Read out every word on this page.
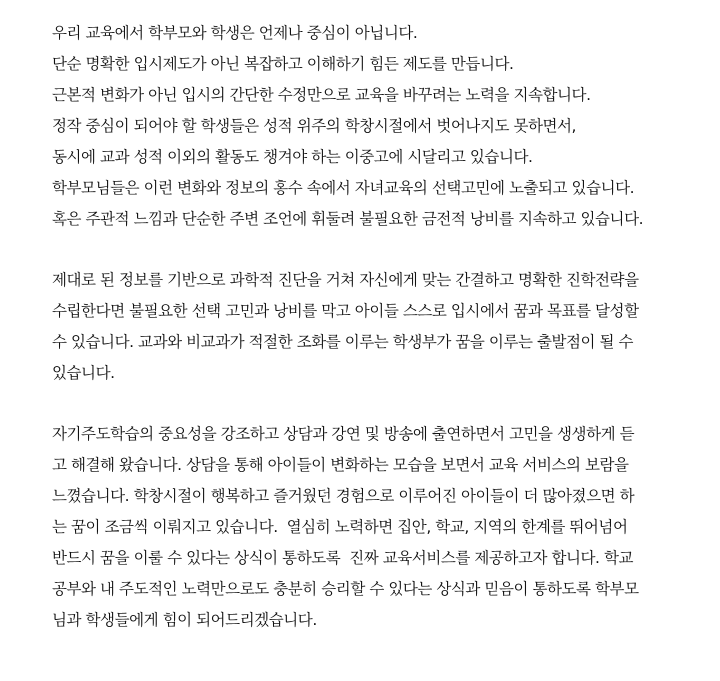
우리 교육에서 학부모와 학생은 언제나 중심이 아닙니다.
단순 명확한 입시제도가 아닌 복잡하고 이해하기 힘든 제도를 만듭니다.
근본적 변화가 아닌 입시의 간단한 수정만으로 교육을 바꾸려는 노력을 지속합니다.
정작 중심이 되어야 할 학생들은 성적 위주의 학창시절에서 벗어나지도 못하면서,
동시에 교과 성적 이외의 활동도 챙겨야 하는 이중고에 시달리고 있습니다.
학부모님들은 이런 변화와 정보의 홍수 속에서 자녀교육의 선택고민에 노출되고 있습니다.
혹은 주관적 느낌과 단순한 주변 조언에 휘둘려 불필요한 금전적 낭비를 지속하고 있습니다.
제대로 된 정보를 기반으로 과학적 진단을 거쳐 자신에게 맞는 간결하고 명확한 진학전략을
수립한다면 불필요한 선택 고민과 낭비를 막고 아이들 스스로 입시에서 꿈과 목표를 달성할
수 있습니다. 교과와 비교과가 적절한 조화를 이루는 학생부가 꿈을 이루는 출발점이 될 수
있습니다.
자기주도학습의 중요성을 강조하고 상담과 강연 및 방송에 출연하면서 고민을 생생하게 듣
고 해결해 왔습니다. 상담을 통해 아이들이 변화하는 모습을 보면서 교육 서비스의 보람을
느꼈습니다. 학창시절이 행복하고 즐거웠던 경험으로 이루어진 아이들이 더 많아졌으면 하
는 꿈이 조금씩 이뤄지고 있습니다.  열심히 노력하면 집안, 학교, 지역의 한계를 뛰어넘어
반드시 꿈을 이룰 수 있다는 상식이 통하도록  진짜 교육서비스를 제공하고자 합니다. 학교
공부와 내 주도적인 노력만으로도 충분히 승리할 수 있다는 상식과 믿음이 통하도록 학부모
님과 학생들에게 힘이 되어드리겠습니다.
